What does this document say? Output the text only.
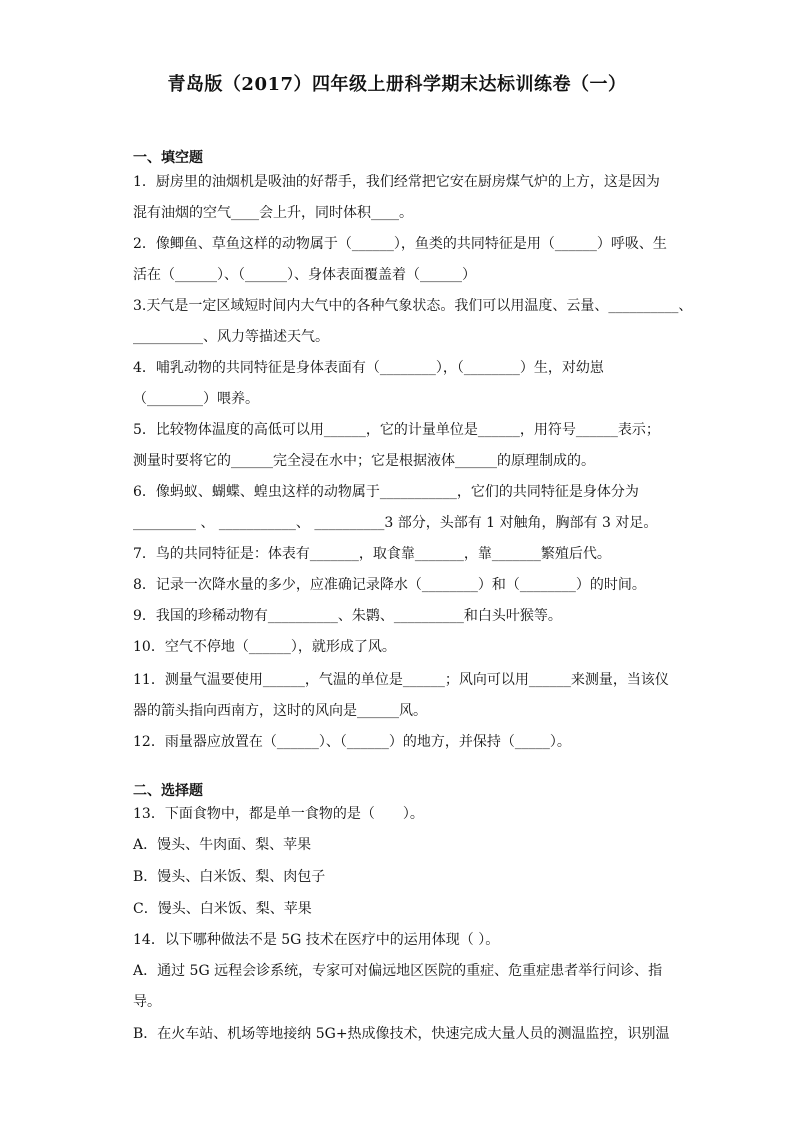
青岛版（2017）四年级上册科学期末达标训练卷（一）
一、填空题
1．厨房里的油烟机是吸油的好帮手，我们经常把它安在厨房煤气炉的上方，这是因为
混有油烟的空气____会上升，同时体积____。
2．像鲫鱼、草鱼这样的动物属于（______），鱼类的共同特征是用（______）呼吸、生
活在（______）、（______）、身体表面覆盖着（______）
3.天气是一定区域短时间内大气中的各种气象状态。我们可以用温度、云量、__________、
__________、风力等描述天气。
4．哺乳动物的共同特征是身体表面有（________），（________）生，对幼崽
（________）喂养。
5．比较物体温度的高低可以用______，它的计量单位是______，用符号______表示；
测量时要将它的______完全浸在水中；它是根据液体______的原理制成的。
6．像蚂蚁、蝴蝶、蝗虫这样的动物属于___________，它们的共同特征是身体分为
_________ 、 ___________、 __________3 部分，头部有 1 对触角，胸部有 3 对足。
7．鸟的共同特征是：体表有_______，取食靠_______，靠_______繁殖后代。
8．记录一次降水量的多少，应准确记录降水（________）和（________）的时间。
9．我国的珍稀动物有__________、朱鹮、__________和白头叶猴等。
10．空气不停地（______），就形成了风。
11．测量气温要使用______，气温的单位是______；风向可以用______来测量，当该仪
器的箭头指向西南方，这时的风向是______风。
12．雨量器应放置在（______）、（______）的地方，并保持（_____）。
二、选择题
13．下面食物中，都是单一食物的是（　　）。
A．馒头、牛肉面、梨、苹果
B．馒头、白米饭、梨、肉包子
C．馒头、白米饭、梨、苹果
14．以下哪种做法不是 5G 技术在医疗中的运用体现（ ）。
A．通过 5G 远程会诊系统，专家可对偏远地区医院的重症、危重症患者举行问诊、指
导。
B．在火车站、机场等地接纳 5G+热成像技术，快速完成大量人员的测温监控，识别温
